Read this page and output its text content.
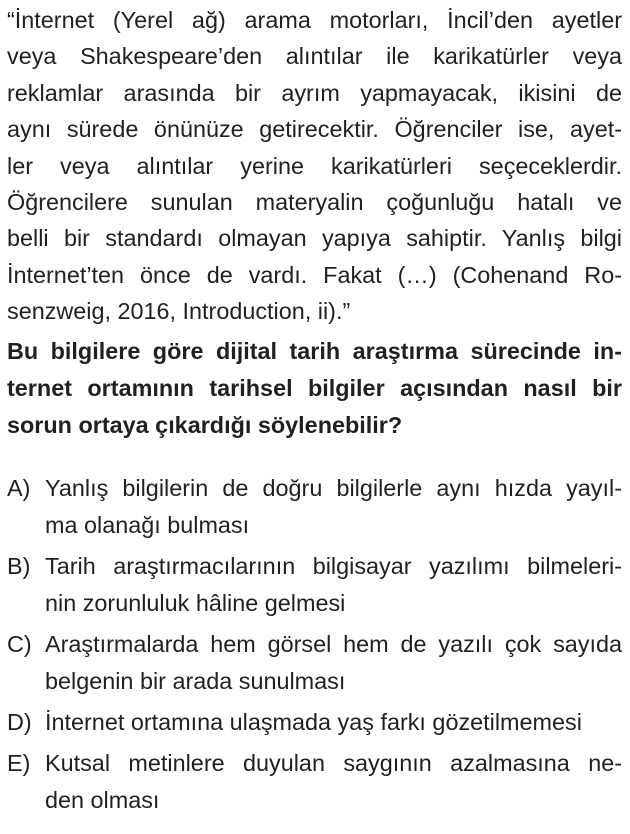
“İnternet (Yerel ağ) arama motorları, İncil’den ayetler
veya Shakespeare’den alıntılar ile karikatürler veya
reklamlar arasında bir ayrım yapmayacak, ikisini de
aynı sürede önünüze getirecektir. Öğrenciler ise, ayet-
ler veya alıntılar yerine karikatürleri seçeceklerdir.
Öğrencilere sunulan materyalin çoğunluğu hatalı ve
belli bir standardı olmayan yapıya sahiptir. Yanlış bilgi
İnternet’ten önce de vardı. Fakat (…) (Cohenand Ro-
senzweig, 2016, Introduction, ii).”
Bu bilgilere göre dijital tarih araştırma sürecinde in-
ternet ortamının tarihsel bilgiler açısından nasıl bir
sorun ortaya çıkardığı söylenebilir?
A) Yanlış bilgilerin de doğru bilgilerle aynı hızda yayıl-
ma olanağı bulması
B) Tarih araştırmacılarının bilgisayar yazılımı bilmeleri-
nin zorunluluk hâline gelmesi
C) Araştırmalarda hem görsel hem de yazılı çok sayıda
belgenin bir arada sunulması
D) İnternet ortamına ulaşmada yaş farkı gözetilmemesi
E) Kutsal metinlere duyulan saygının azalmasına ne-
den olması
